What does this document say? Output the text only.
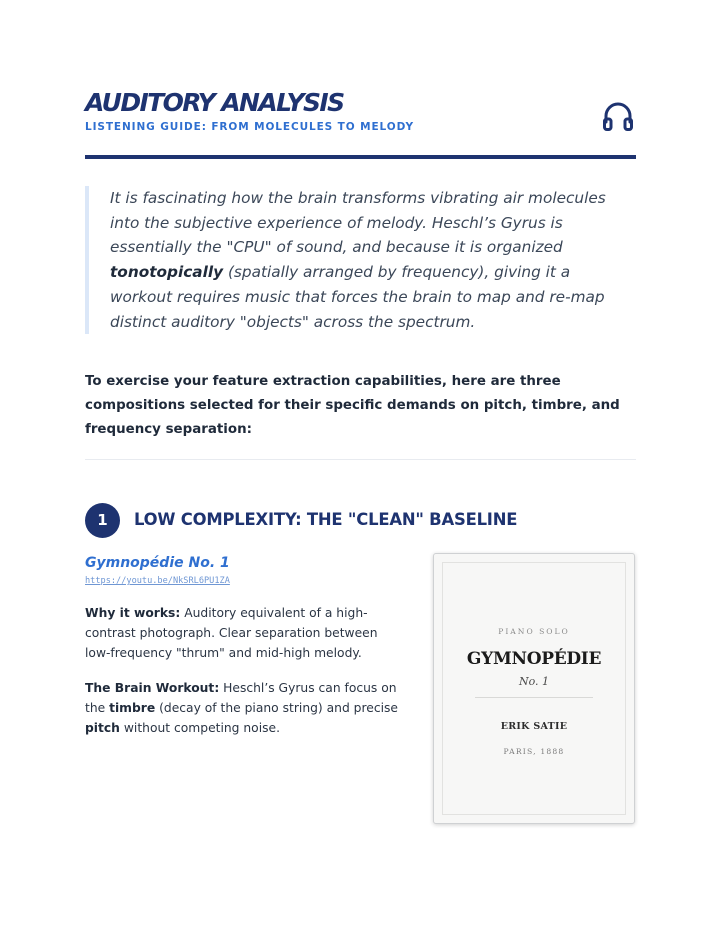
AUDITORY ANALYSIS
LISTENING GUIDE: FROM MOLECULES TO MELODY

It is fascinating how the brain transforms vibrating air molecules into the subjective experience of melody. Heschl’s Gyrus is essentially the "CPU" of sound, and because it is organized tonotopically (spatially arranged by frequency), giving it a workout requires music that forces the brain to map and re-map distinct auditory "objects" across the spectrum.

To exercise your feature extraction capabilities, here are three compositions selected for their specific demands on pitch, timbre, and frequency separation:

1	LOW COMPLEXITY: THE "CLEAN" BASELINE
Gymnopédie No. 1
https://youtu.be/NkSRL6PU1ZA

Why it works: Auditory equivalent of a high-contrast photograph. Clear separation between low-frequency "thrum" and mid-high melody.

The Brain Workout: Heschl’s Gyrus can focus on the timbre (decay of the piano string) and precise pitch without competing noise.

PIANO SOLO
GYMNOPÉDIE
No. 1
ERIK SATIE
PARIS, 1888
